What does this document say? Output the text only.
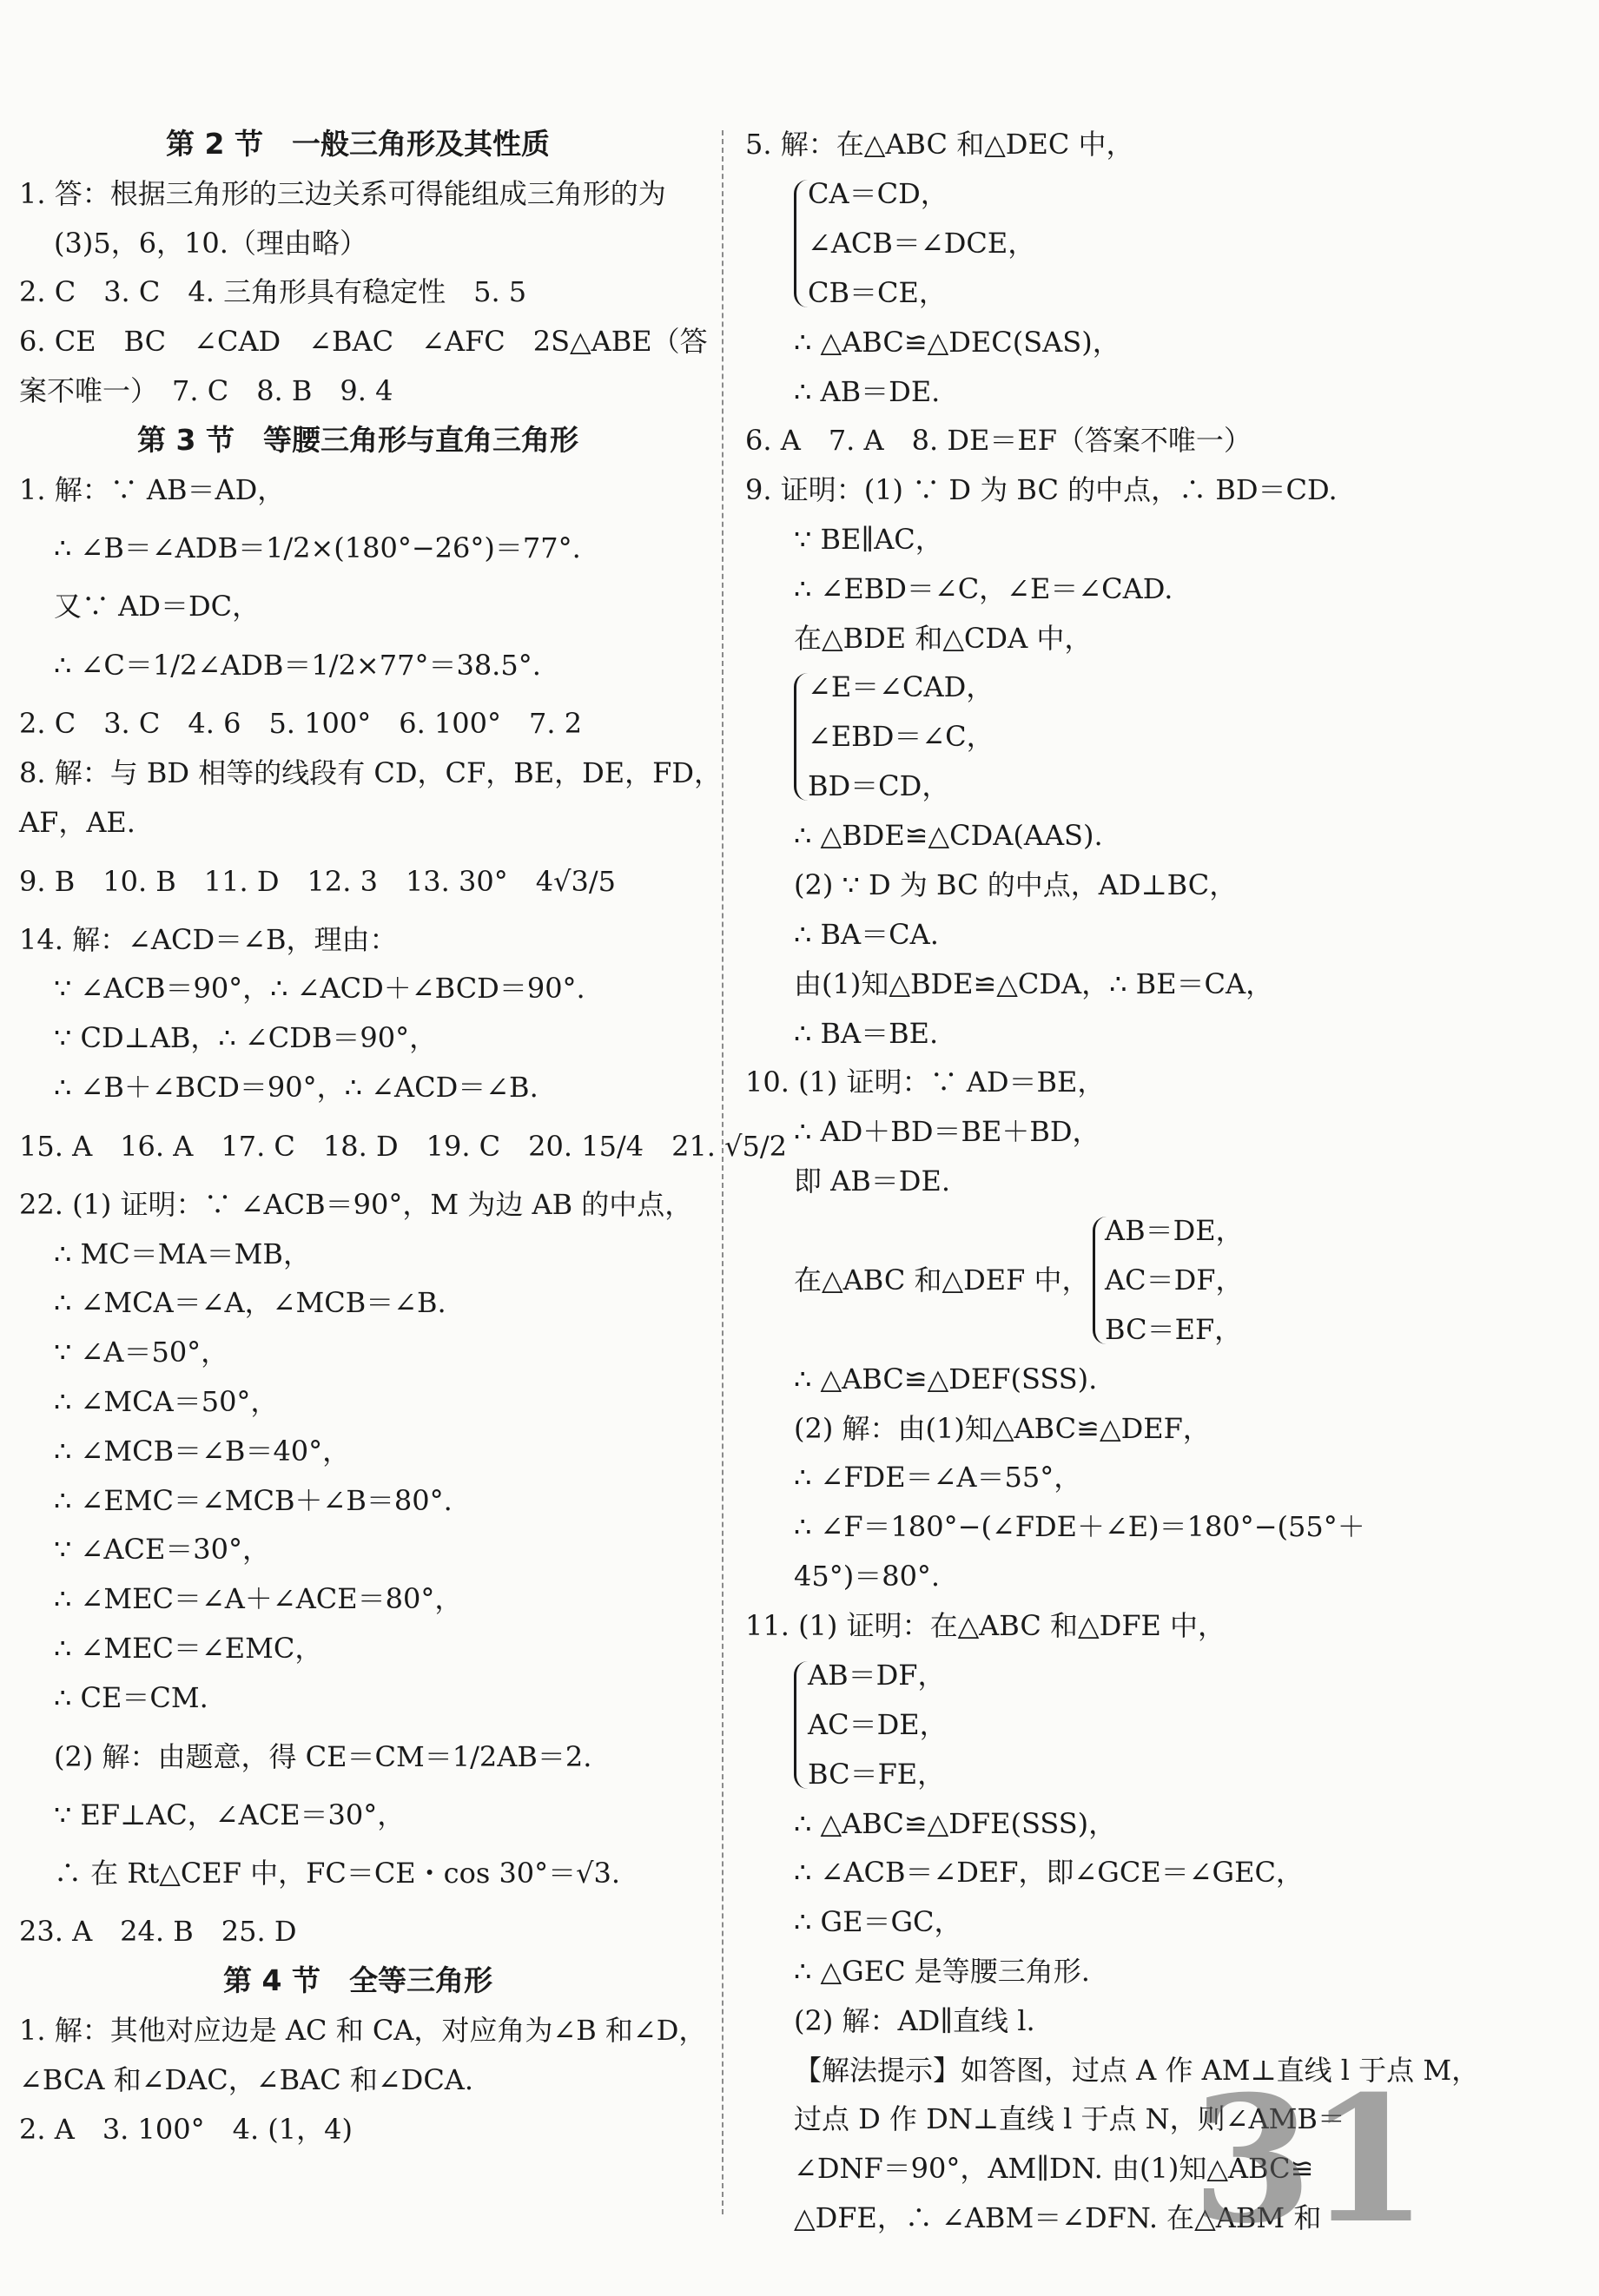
第 2 节　一般三角形及其性质
1. 答：根据三角形的三边关系可得能组成三角形的为
(3)5，6，10.（理由略）
2. C　3. C　4. 三角形具有稳定性　5. 5
6. CE　BC　∠CAD　∠BAC　∠AFC　2S△ABE（答
案不唯一）　7. C　8. B　9. 4
第 3 节　等腰三角形与直角三角形
1. 解：∵ AB＝AD，
∴ ∠B＝∠ADB＝1/2×(180°−26°)＝77°.
又∵ AD＝DC，
∴ ∠C＝1/2∠ADB＝1/2×77°＝38.5°.
2. C　3. C　4. 6　5. 100°　6. 100°　7. 2
8. 解：与 BD 相等的线段有 CD，CF，BE，DE，FD，
AF，AE.
9. B　10. B　11. D　12. 3　13. 30°　4√3/5
14. 解：∠ACD＝∠B，理由：
∵ ∠ACB＝90°，∴ ∠ACD＋∠BCD＝90°.
∵ CD⊥AB，∴ ∠CDB＝90°，
∴ ∠B＋∠BCD＝90°，∴ ∠ACD＝∠B.
15. A　16. A　17. C　18. D　19. C　20. 15/4　21. √5/2
22. (1) 证明：∵ ∠ACB＝90°，M 为边 AB 的中点，
∴ MC＝MA＝MB，
∴ ∠MCA＝∠A，∠MCB＝∠B.
∵ ∠A＝50°，
∴ ∠MCA＝50°，
∴ ∠MCB＝∠B＝40°，
∴ ∠EMC＝∠MCB＋∠B＝80°.
∵ ∠ACE＝30°，
∴ ∠MEC＝∠A＋∠ACE＝80°，
∴ ∠MEC＝∠EMC，
∴ CE＝CM.
(2) 解：由题意，得 CE＝CM＝1/2AB＝2.
∵ EF⊥AC，∠ACE＝30°，
∴ 在 Rt△CEF 中，FC＝CE・cos 30°＝√3.
23. A　24. B　25. D
第 4 节　全等三角形
1. 解：其他对应边是 AC 和 CA，对应角为∠B 和∠D，
∠BCA 和∠DAC，∠BAC 和∠DCA.
2. A　3. 100°　4. (1，4)
5. 解：在△ABC 和△DEC 中，
CA＝CD，
∠ACB＝∠DCE，
CB＝CE，
∴ △ABC≌△DEC(SAS)，
∴ AB＝DE.
6. A　7. A　8. DE＝EF（答案不唯一）
9. 证明：(1) ∵ D 为 BC 的中点，∴ BD＝CD.
∵ BE∥AC，
∴ ∠EBD＝∠C，∠E＝∠CAD.
在△BDE 和△CDA 中，
∠E＝∠CAD，
∠EBD＝∠C，
BD＝CD，
∴ △BDE≌△CDA(AAS).
(2) ∵ D 为 BC 的中点，AD⊥BC，
∴ BA＝CA.
由(1)知△BDE≌△CDA，∴ BE＝CA，
∴ BA＝BE.
10. (1) 证明：∵ AD＝BE，
∴ AD＋BD＝BE＋BD，
即 AB＝DE.
在△ABC 和△DEF 中，
AB＝DE，
AC＝DF，
BC＝EF，
∴ △ABC≌△DEF(SSS).
(2) 解：由(1)知△ABC≌△DEF，
∴ ∠FDE＝∠A＝55°，
∴ ∠F＝180°−(∠FDE＋∠E)＝180°−(55°＋
45°)＝80°.
11. (1) 证明：在△ABC 和△DFE 中，
AB＝DF，
AC＝DE，
BC＝FE，
∴ △ABC≌△DFE(SSS)，
∴ ∠ACB＝∠DEF，即∠GCE＝∠GEC，
∴ GE＝GC，
∴ △GEC 是等腰三角形.
(2) 解：AD∥直线 l.
【解法提示】如答图，过点 A 作 AM⊥直线 l 于点 M，
过点 D 作 DN⊥直线 l 于点 N，则∠AMB＝
∠DNF＝90°，AM∥DN. 由(1)知△ABC≌
△DFE，∴ ∠ABM＝∠DFN. 在△ABM 和
31
